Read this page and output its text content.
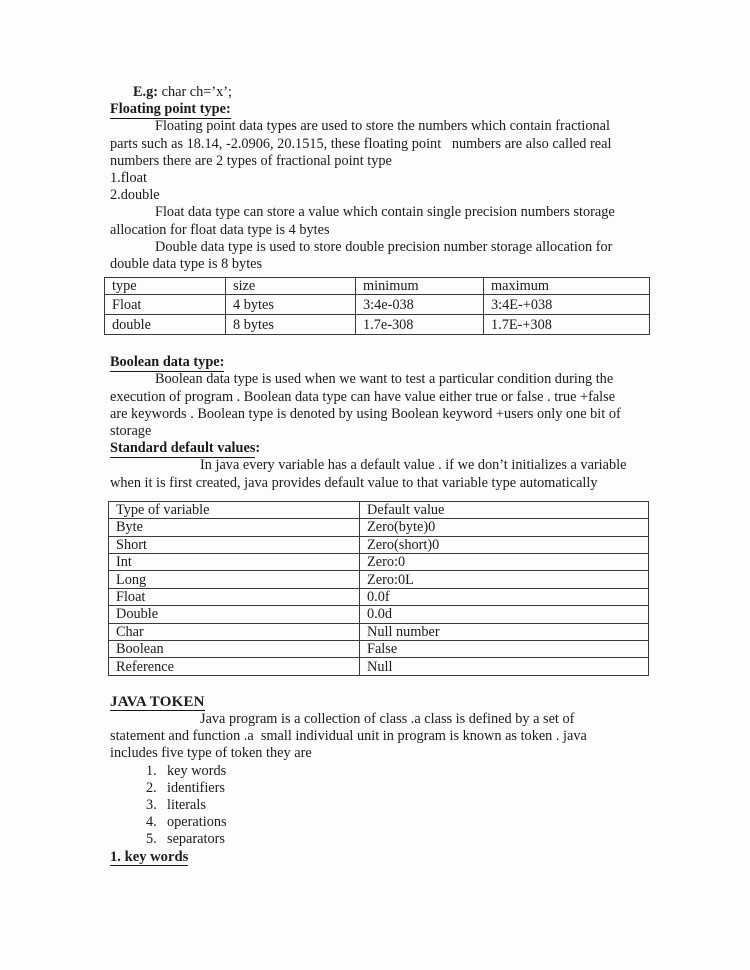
E.g: char ch=’x’;
Floating point type:
Floating point data types are used to store the numbers which contain fractional
parts such as 18.14, -2.0906, 20.1515, these floating point   numbers are also called real
numbers there are 2 types of fractional point type
1.float
2.double
Float data type can store a value which contain single precision numbers storage
allocation for float data type is 4 bytes
Double data type is used to store double precision number storage allocation for
double data type is 8 bytes
type	size	minimum	maximum
Float	4 bytes	3:4e-038	3:4E-+038
double	8 bytes	1.7e-308	1.7E-+308
Boolean data type:
Boolean data type is used when we want to test a particular condition during the
execution of program . Boolean data type can have value either true or false . true +false
are keywords . Boolean type is denoted by using Boolean keyword +users only one bit of
storage
Standard default values:
In java every variable has a default value . if we don’t initializes a variable
when it is first created, java provides default value to that variable type automatically
Type of variable	Default value
Byte	Zero(byte)0
Short	Zero(short)0
Int	Zero:0
Long	Zero:0L
Float	0.0f
Double	0.0d
Char	Null number
Boolean	False
Reference	Null
JAVA TOKEN
Java program is a collection of class .a class is defined by a set of
statement and function .a  small individual unit in program is known as token . java
includes five type of token they are
1. key words
2. identifiers
3. literals
4. operations
5. separators
1. key words
